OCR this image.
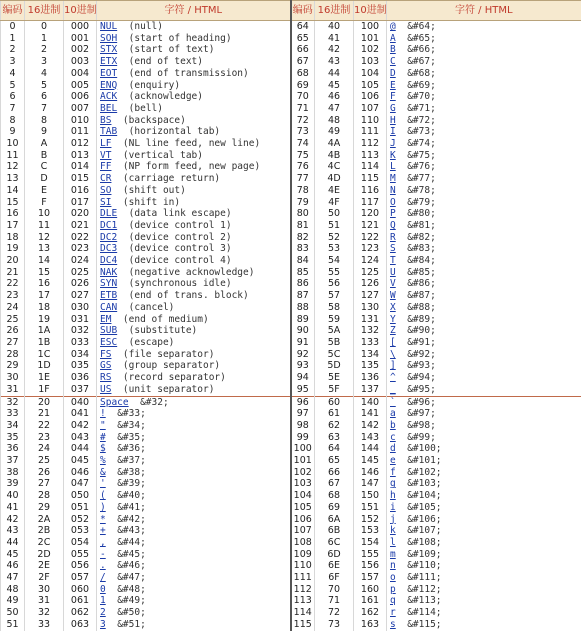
编码	16进制	10进制	字符 / HTML	编码	16进制	10进制	字符 / HTML
0	0	000	NUL (null)	64	40	100	@ &#64;
1	1	001	SOH (start of heading)	65	41	101	A &#65;
2	2	002	STX (start of text)	66	42	102	B &#66;
3	3	003	ETX (end of text)	67	43	103	C &#67;
4	4	004	EOT (end of transmission)	68	44	104	D &#68;
5	5	005	ENQ (enquiry)	69	45	105	E &#69;
6	6	006	ACK (acknowledge)	70	46	106	F &#70;
7	7	007	BEL (bell)	71	47	107	G &#71;
8	8	010	BS (backspace)	72	48	110	H &#72;
9	9	011	TAB (horizontal tab)	73	49	111	I &#73;
10	A	012	LF (NL line feed, new line)	74	4A	112	J &#74;
11	B	013	VT (vertical tab)	75	4B	113	K &#75;
12	C	014	FF (NP form feed, new page)	76	4C	114	L &#76;
13	D	015	CR (carriage return)	77	4D	115	M &#77;
14	E	016	SO (shift out)	78	4E	116	N &#78;
15	F	017	SI (shift in)	79	4F	117	O &#79;
16	10	020	DLE (data link escape)	80	50	120	P &#80;
17	11	021	DC1 (device control 1)	81	51	121	Q &#81;
18	12	022	DC2 (device control 2)	82	52	122	R &#82;
19	13	023	DC3 (device control 3)	83	53	123	S &#83;
20	14	024	DC4 (device control 4)	84	54	124	T &#84;
21	15	025	NAK (negative acknowledge)	85	55	125	U &#85;
22	16	026	SYN (synchronous idle)	86	56	126	V &#86;
23	17	027	ETB (end of trans. block)	87	57	127	W &#87;
24	18	030	CAN (cancel)	88	58	130	X &#88;
25	19	031	EM (end of medium)	89	59	131	Y &#89;
26	1A	032	SUB (substitute)	90	5A	132	Z &#90;
27	1B	033	ESC (escape)	91	5B	133	[ &#91;
28	1C	034	FS (file separator)	92	5C	134	\ &#92;
29	1D	035	GS (group separator)	93	5D	135	] &#93;
30	1E	036	RS (record separator)	94	5E	136	^ &#94;
31	1F	037	US (unit separator)	95	5F	137	_ &#95;
32	20	040	Space &#32;	96	60	140	` &#96;
33	21	041	! &#33;	97	61	141	a &#97;
34	22	042	" &#34;	98	62	142	b &#98;
35	23	043	# &#35;	99	63	143	c &#99;
36	24	044	$ &#36;	100	64	144	d &#100;
37	25	045	% &#37;	101	65	145	e &#101;
38	26	046	& &#38;	102	66	146	f &#102;
39	27	047	' &#39;	103	67	147	g &#103;
40	28	050	( &#40;	104	68	150	h &#104;
41	29	051	) &#41;	105	69	151	i &#105;
42	2A	052	* &#42;	106	6A	152	j &#106;
43	2B	053	+ &#43;	107	6B	153	k &#107;
44	2C	054	, &#44;	108	6C	154	l &#108;
45	2D	055	- &#45;	109	6D	155	m &#109;
46	2E	056	. &#46;	110	6E	156	n &#110;
47	2F	057	/ &#47;	111	6F	157	o &#111;
48	30	060	0 &#48;	112	70	160	p &#112;
49	31	061	1 &#49;	113	71	161	q &#113;
50	32	062	2 &#50;	114	72	162	r &#114;
51	33	063	3 &#51;	115	73	163	s &#115;
